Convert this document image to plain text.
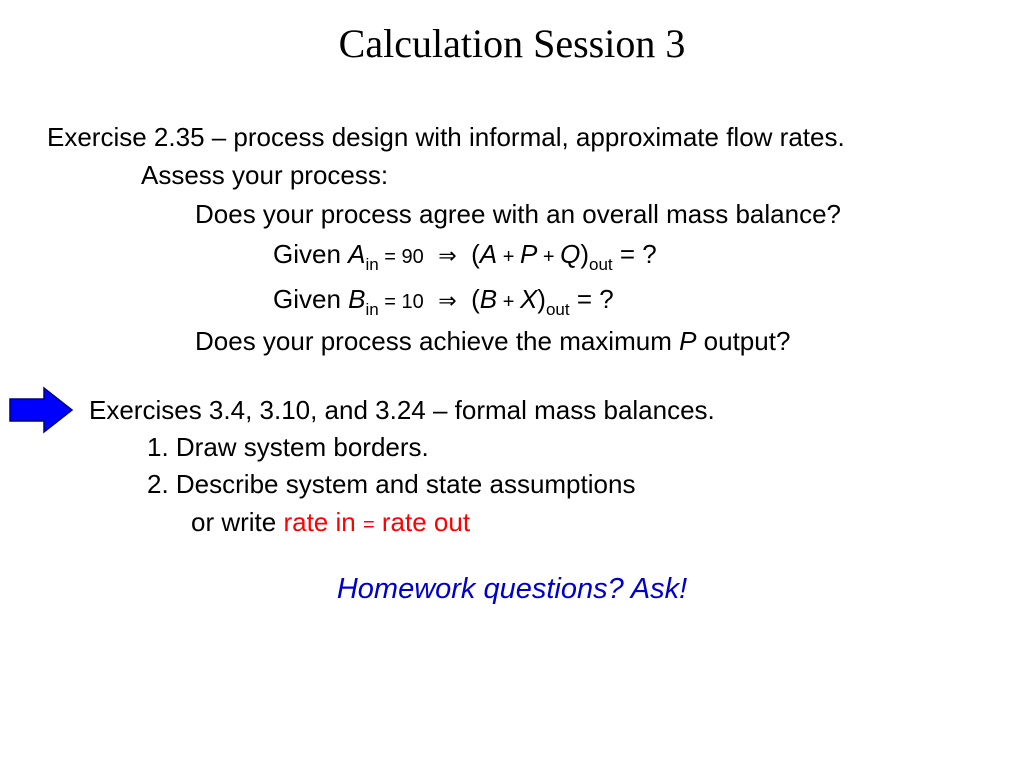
Calculation Session 3
Exercise 2.35 – process design with informal, approximate flow rates.
Assess your process:
Does your process agree with an overall mass balance?
Given $A_{in} = 90$ ⇒ $(A + P + Q)_{out}$ = ?
Given $B_{in} = 10$ ⇒ $(B + X)_{out}$ = ?
Does your process achieve the maximum P output?
Exercises 3.4, 3.10, and 3.24 – formal mass balances.
1. Draw system borders.
2. Describe system and state assumptions
or write rate in = rate out
Homework questions? Ask!
